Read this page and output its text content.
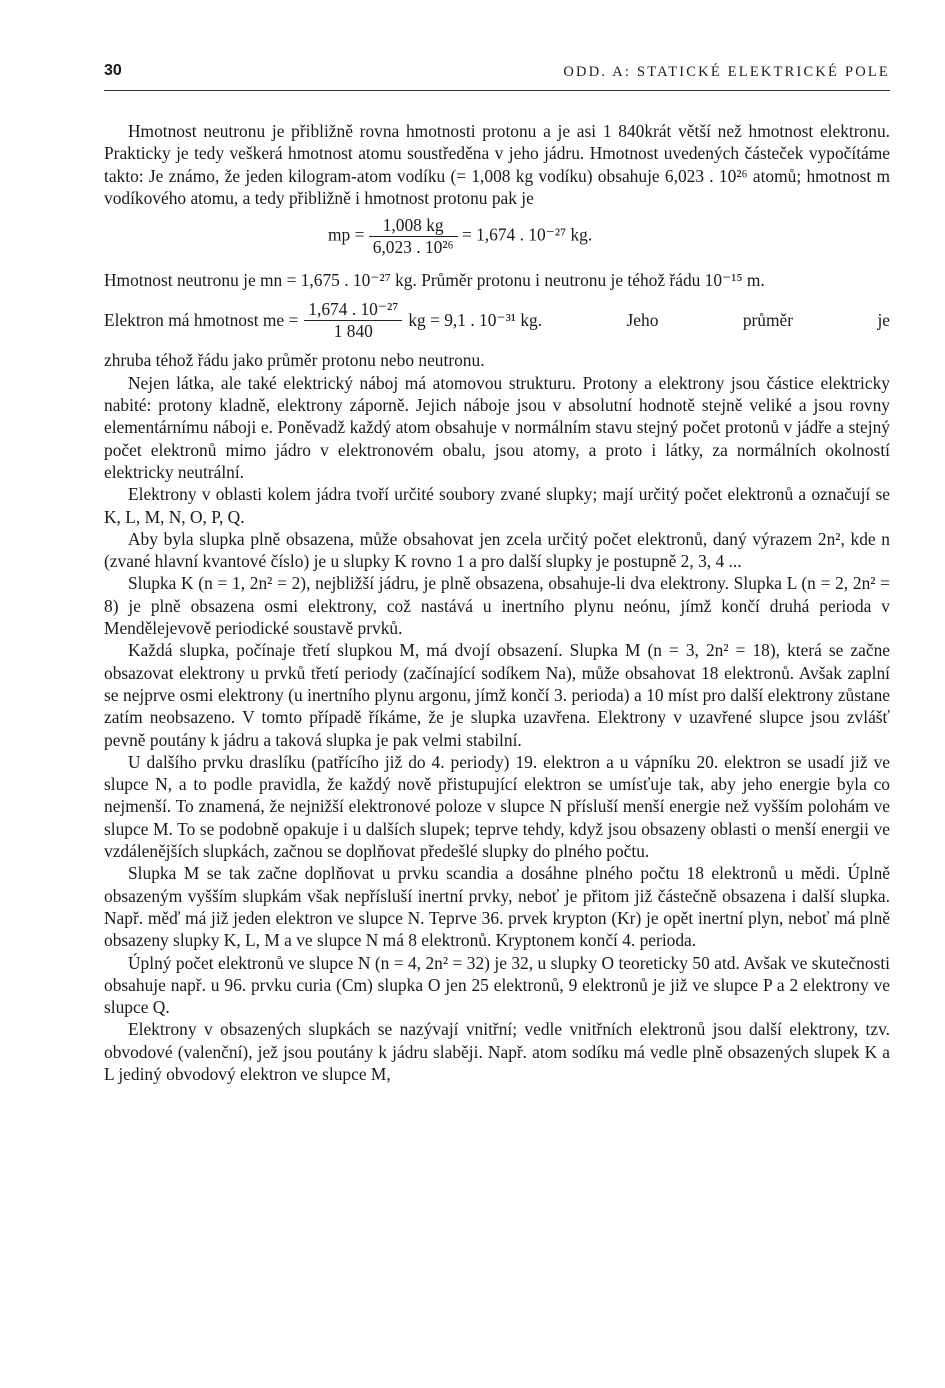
30	ODD. A: STATICKÉ ELEKTRICKÉ POLE

Hmotnost neutronu je přibližně rovna hmotnosti protonu a je asi 1 840krát větší než hmotnost elektronu. Prakticky je tedy veškerá hmotnost atomu soustředěna v jeho jádru. Hmotnost uvedených částeček vypočítáme takto: Je známo, že jeden kilogram-atom vodíku (= 1,008 kg vodíku) obsahuje 6,023 . 10²⁶ atomů; hmotnost m vodíkového atomu, a tedy přibližně i hmotnost protonu pak je

mp = $\frac{1,008 kg}{\text{6,023 . 10²⁶}} = 1,674$ . 10⁻²⁷ kg.

Hmotnost neutronu je mn = 1,675 . 10⁻²⁷ kg. Průměr protonu i neutronu je téhož řádu 10⁻¹⁵ m.

Elektron má hmotnost me = $\frac{\text{1,674 . 10⁻²⁷}}{1 840}$ kg = 9,1 . 10⁻³¹ kg.	Jeho	průměr	je

zhruba téhož řádu jako průměr protonu nebo neutronu.

Nejen látka, ale také elektrický náboj má atomovou strukturu. Protony a elektrony jsou částice elektricky nabité: protony kladně, elektrony záporně. Jejich náboje jsou v absolutní hodnotě stejně veliké a jsou rovny elementárnímu náboji e. Poněvadž každý atom obsahuje v normálním stavu stejný počet protonů v jádře a stejný počet elektronů mimo jádro v elektronovém obalu, jsou atomy, a proto i látky, za normálních okolností elektricky neutrální.

Elektrony v oblasti kolem jádra tvoří určité soubory zvané slupky; mají určitý počet elektronů a označují se K, L, M, N, O, P, Q.

Aby byla slupka plně obsazena, může obsahovat jen zcela určitý počet elektronů, daný výrazem 2n², kde n (zvané hlavní kvantové číslo) je u slupky K rovno 1 a pro další slupky je postupně 2, 3, 4 ...

Slupka K (n = 1, 2n² = 2), nejbližší jádru, je plně obsazena, obsahuje-li dva elektrony. Slupka L (n = 2, 2n² = 8) je plně obsazena osmi elektrony, což nastává u inertního plynu neónu, jímž končí druhá perioda v Mendělejevově periodické soustavě prvků.

Každá slupka, počínaje třetí slupkou M, má dvojí obsazení. Slupka M (n = 3, 2n² = 18), která se začne obsazovat elektrony u prvků třetí periody (začínající sodíkem Na), může obsahovat 18 elektronů. Avšak zaplní se nejprve osmi elektrony (u inertního plynu argonu, jímž končí 3. perioda) a 10 míst pro další elektrony zůstane zatím neobsazeno. V tomto případě říkáme, že je slupka uzavřena. Elektrony v uzavřené slupce jsou zvlášť pevně poutány k jádru a taková slupka je pak velmi stabilní.

U dalšího prvku draslíku (patřícího již do 4. periody) 19. elektron a u vápníku 20. elektron se usadí již ve slupce N, a to podle pravidla, že každý nově přistupující elektron se umísťuje tak, aby jeho energie byla co nejmenší. To znamená, že nejnižší elektronové poloze v slupce N přísluší menší energie než vyšším polohám ve slupce M. To se podobně opakuje i u dalších slupek; teprve tehdy, když jsou obsazeny oblasti o menší energii ve vzdálenějších slupkách, začnou se doplňovat předešlé slupky do plného počtu.

Slupka M se tak začne doplňovat u prvku scandia a dosáhne plného počtu 18 elektronů u mědi. Úplně obsazeným vyšším slupkám však nepřísluší inertní prvky, neboť je přitom již částečně obsazena i další slupka. Např. měď má již jeden elektron ve slupce N. Teprve 36. prvek krypton (Kr) je opět inertní plyn, neboť má plně obsazeny slupky K, L, M a ve slupce N má 8 elektronů. Kryptonem končí 4. perioda.

Úplný počet elektronů ve slupce N (n = 4, 2n² = 32) je 32, u slupky O teoreticky 50 atd. Avšak ve skutečnosti obsahuje např. u 96. prvku curia (Cm) slupka O jen 25 elektronů, 9 elektronů je již ve slupce P a 2 elektrony ve slupce Q.

Elektrony v obsazených slupkách se nazývají vnitřní; vedle vnitřních elektronů jsou další elektrony, tzv. obvodové (valenční), jež jsou poutány k jádru slaběji. Např. atom sodíku má vedle plně obsazených slupek K a L jediný obvodový elektron ve slupce M,
